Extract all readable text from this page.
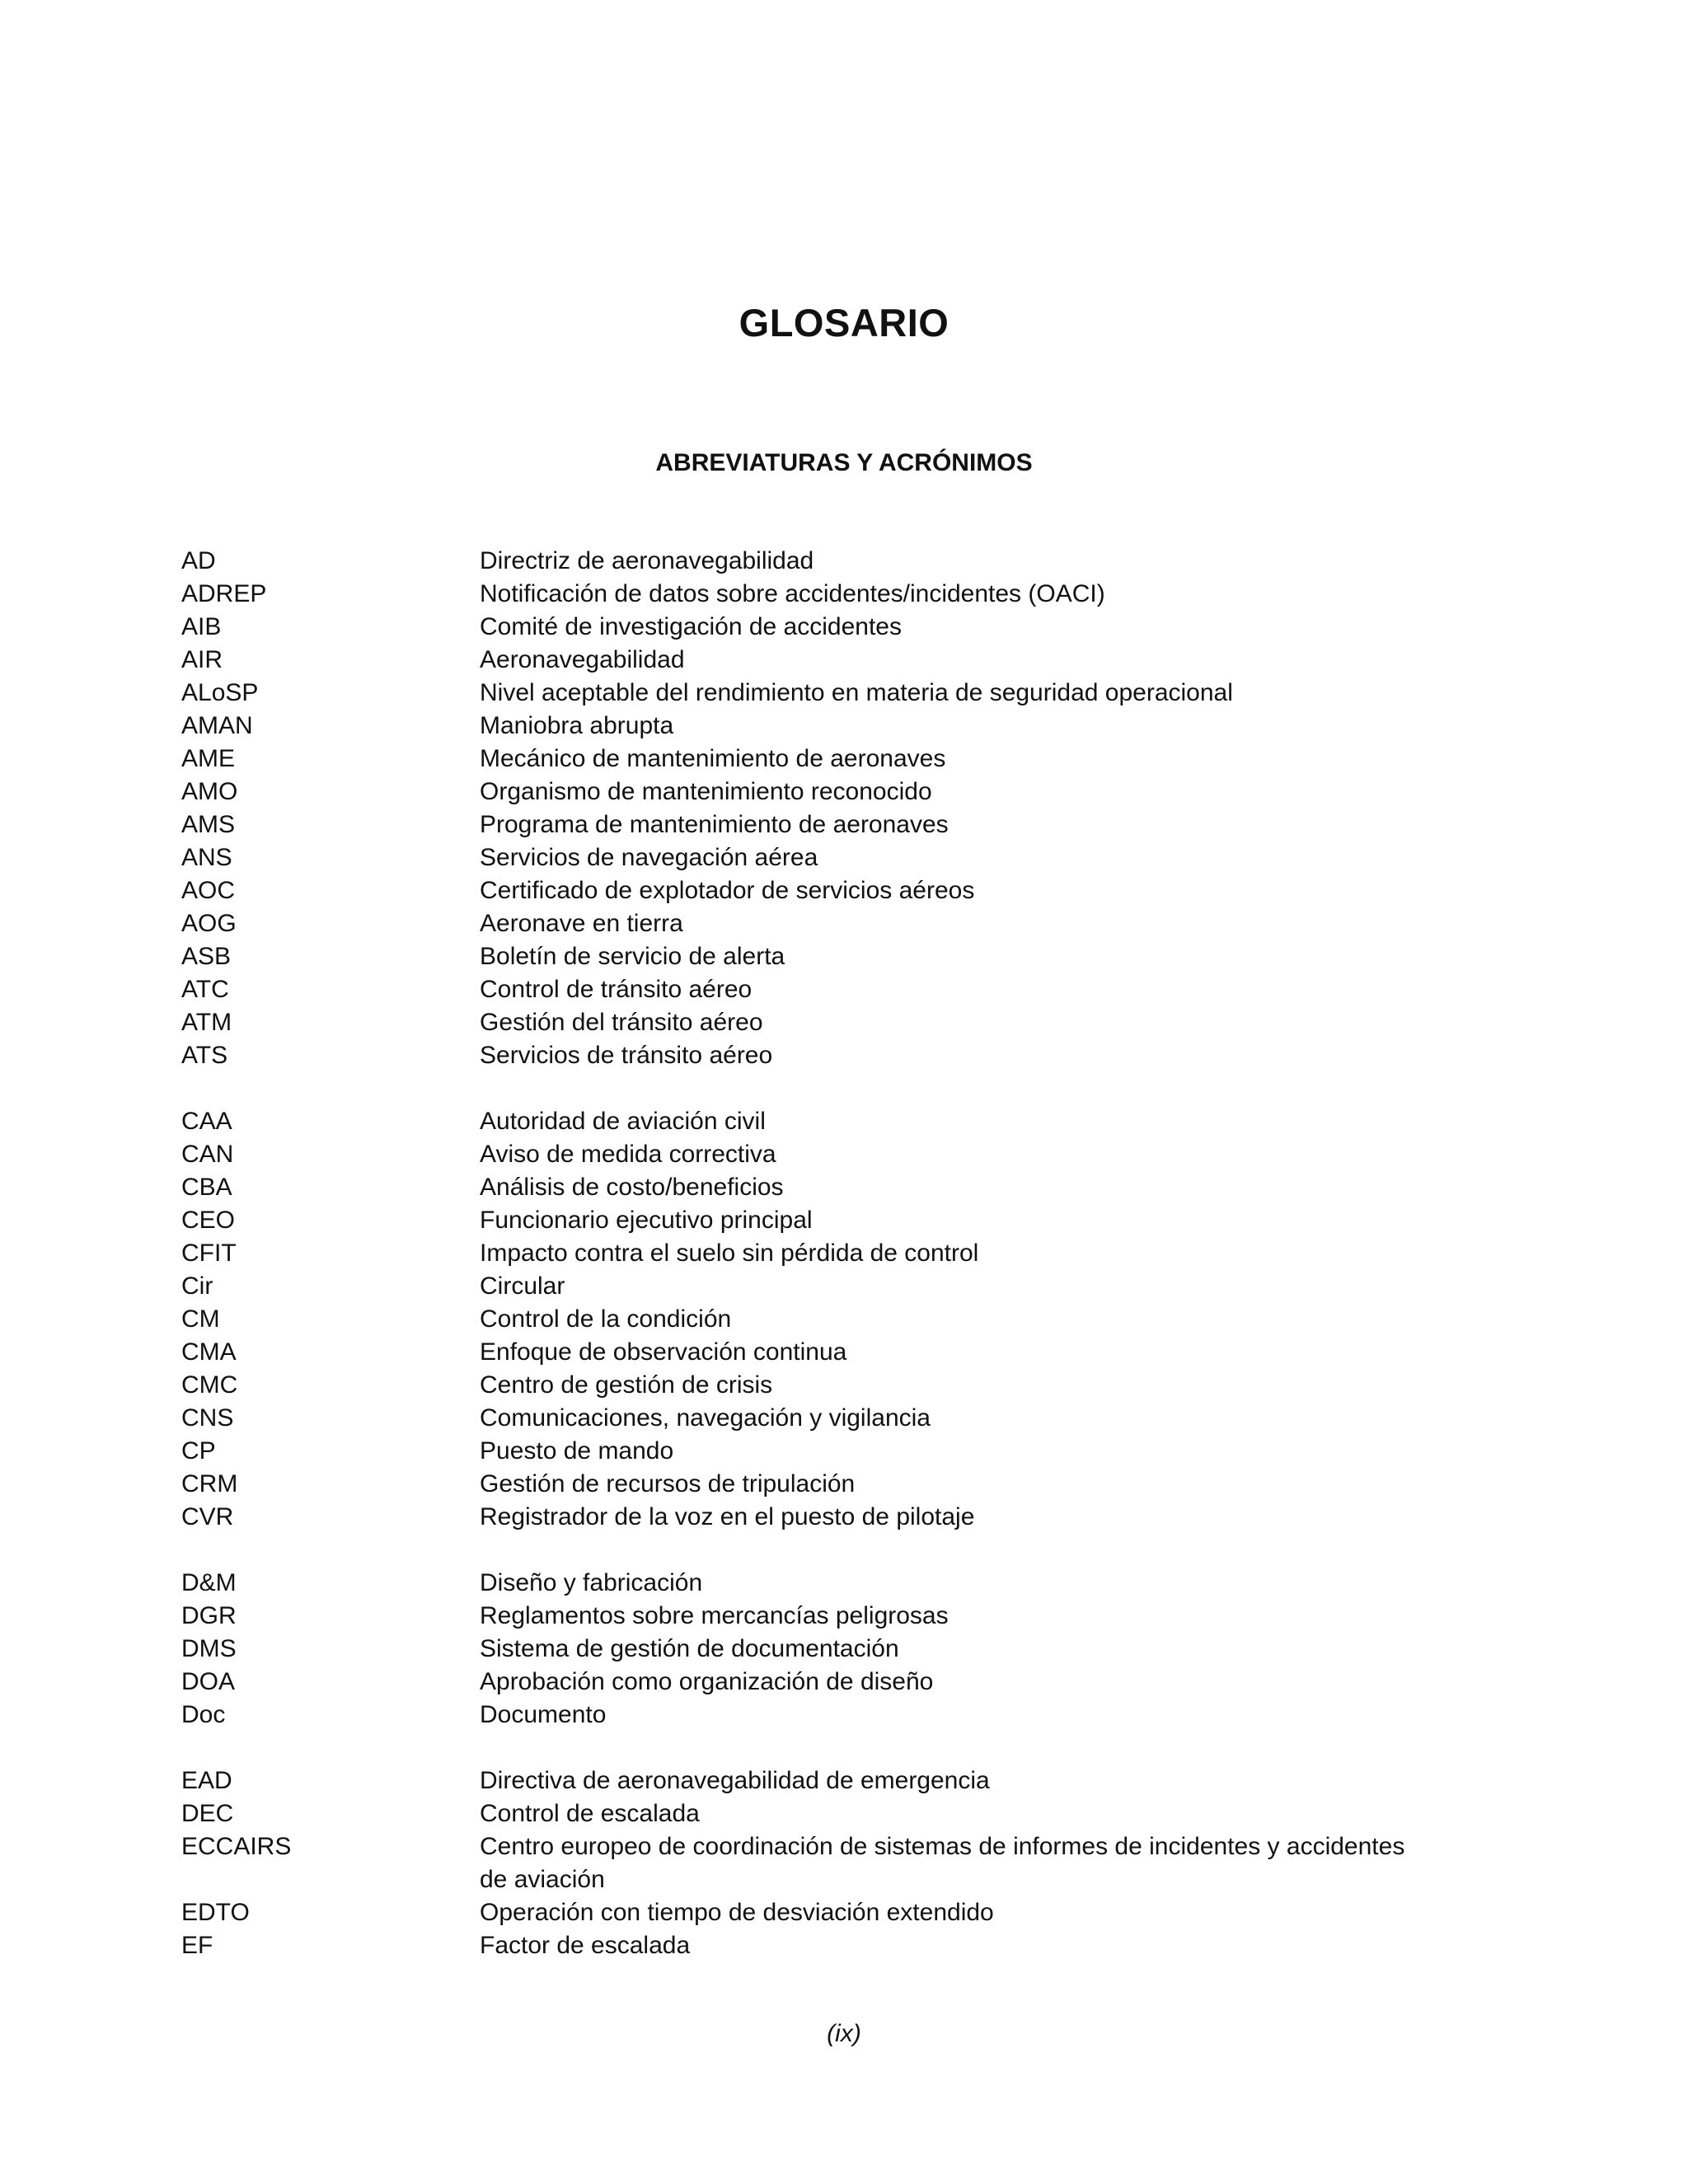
GLOSARIO
ABREVIATURAS Y ACRÓNIMOS
AD	Directriz de aeronavegabilidad
ADREP	Notificación de datos sobre accidentes/incidentes (OACI)
AIB	Comité de investigación de accidentes
AIR	Aeronavegabilidad
ALoSP	Nivel aceptable del rendimiento en materia de seguridad operacional
AMAN	Maniobra abrupta
AME	Mecánico de mantenimiento de aeronaves
AMO	Organismo de mantenimiento reconocido
AMS	Programa de mantenimiento de aeronaves
ANS	Servicios de navegación aérea
AOC	Certificado de explotador de servicios aéreos
AOG	Aeronave en tierra
ASB	Boletín de servicio de alerta
ATC	Control de tránsito aéreo
ATM	Gestión del tránsito aéreo
ATS	Servicios de tránsito aéreo
CAA	Autoridad de aviación civil
CAN	Aviso de medida correctiva
CBA	Análisis de costo/beneficios
CEO	Funcionario ejecutivo principal
CFIT	Impacto contra el suelo sin pérdida de control
Cir	Circular
CM	Control de la condición
CMA	Enfoque de observación continua
CMC	Centro de gestión de crisis
CNS	Comunicaciones, navegación y vigilancia
CP	Puesto de mando
CRM	Gestión de recursos de tripulación
CVR	Registrador de la voz en el puesto de pilotaje
D&M	Diseño y fabricación
DGR	Reglamentos sobre mercancías peligrosas
DMS	Sistema de gestión de documentación
DOA	Aprobación como organización de diseño
Doc	Documento
EAD	Directiva de aeronavegabilidad de emergencia
DEC	Control de escalada
ECCAIRS	Centro europeo de coordinación de sistemas de informes de incidentes y accidentes de aviación
EDTO	Operación con tiempo de desviación extendido
EF	Factor de escalada
(ix)
